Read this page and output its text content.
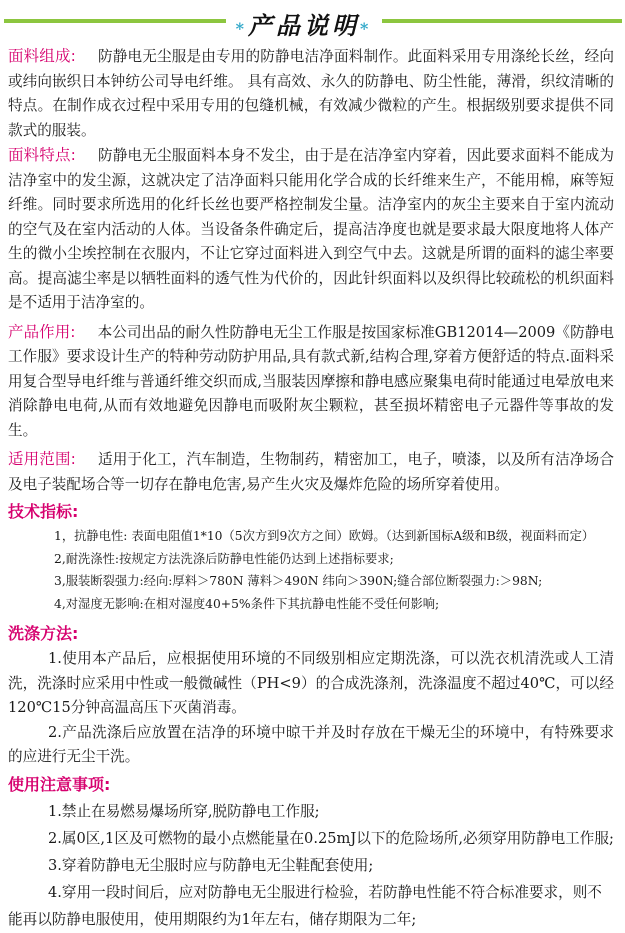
*产品说明*

面料组成: 防静电无尘服是由专用的防静电洁净面料制作。此面料采用专用涤纶长丝，经向或纬向嵌织日本钟纺公司导电纤维。 具有高效、永久的防静电、防尘性能，薄滑，织纹清晰的特点。在制作成衣过程中采用专用的包缝机械，有效减少微粒的产生。根据级别要求提供不同款式的服装。

面料特点: 防静电无尘服面料本身不发尘，由于是在洁净室内穿着，因此要求面料不能成为洁净室中的发尘源，这就决定了洁净面料只能用化学合成的长纤维来生产，不能用棉，麻等短纤维。同时要求所选用的化纤长丝也要严格控制发尘量。洁净室内的灰尘主要来自于室内流动的空气及在室内活动的人体。当设备条件确定后，提高洁净度也就是要求最大限度地将人体产生的微小尘埃控制在衣服内，不让它穿过面料进入到空气中去。这就是所谓的面料的滤尘率要高。提高滤尘率是以牺牲面料的透气性为代价的，因此针织面料以及织得比较疏松的机织面料是不适用于洁净室的。

产品作用: 本公司出品的耐久性防静电无尘工作服是按国家标准GB12014—2009《防静电工作服》要求设计生产的特种劳动防护用品,具有款式新,结构合理,穿着方便舒适的特点.面料采用复合型导电纤维与普通纤维交织而成,当服装因摩擦和静电感应聚集电荷时能通过电晕放电来消除静电电荷,从而有效地避免因静电而吸附灰尘颗粒，甚至损坏精密电子元器件等事故的发生。

适用范围: 适用于化工，汽车制造，生物制药，精密加工，电子，喷漆，以及所有洁净场合及电子装配场合等一切存在静电危害,易产生火灾及爆炸危险的场所穿着使用。

技术指标:

1，抗静电性: 表面电阻值1*10（5次方到9次方之间）欧姆。（达到新国标A级和B级，视面料而定）

2,耐洗涤性:按规定方法洗涤后防静电性能仍达到上述指标要求;

3,服装断裂强力:经向:厚料＞780N 薄料＞490N 纬向＞390N;缝合部位断裂强力:＞98N;

4,对湿度无影响:在相对湿度40+5%条件下其抗静电性能不受任何影响;

洗涤方法:

1.使用本产品后，应根据使用环境的不同级别相应定期洗涤，可以洗衣机清洗或人工清洗，洗涤时应采用中性或一般微碱性（PH<9）的合成洗涤剂，洗涤温度不超过40℃，可以经120℃15分钟高温高压下灭菌消毒。

2.产品洗涤后应放置在洁净的环境中晾干并及时存放在干燥无尘的环境中，有特殊要求的应进行无尘干洗。

使用注意事项:

1.禁止在易燃易爆场所穿,脱防静电工作服;

2.属0区,1区及可燃物的最小点燃能量在0.25mJ以下的危险场所,必须穿用防静电工作服;

3.穿着防静电无尘服时应与防静电无尘鞋配套使用;

4.穿用一段时间后，应对防静电无尘服进行检验，若防静电性能不符合标准要求，则不能再以防静电服使用，使用期限约为1年左右，储存期限为二年;
